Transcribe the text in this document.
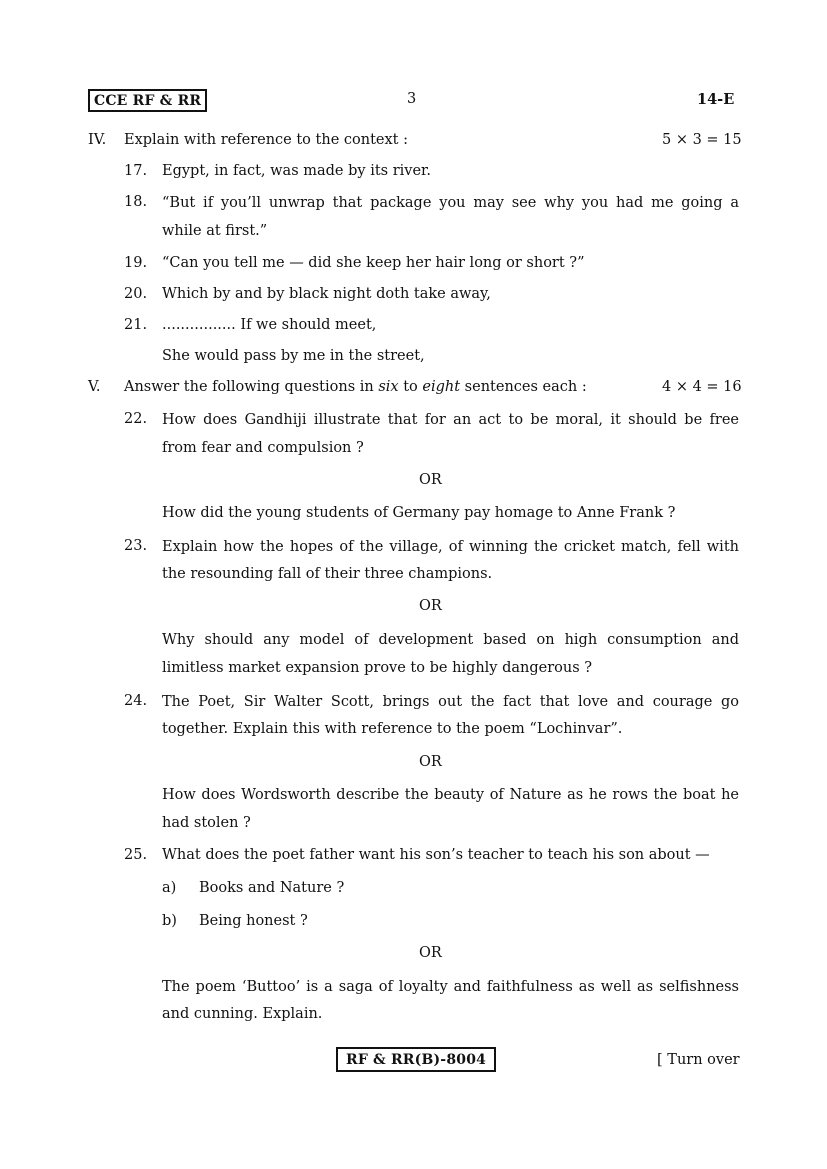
CCE RF & RR	3	14-E
IV. Explain with reference to the context :	5 × 3 = 15
17. Egypt, in fact, was made by its river.
18. “But if you’ll unwrap that package you may see why you had me going a
while at first.”
19. “Can you tell me — did she keep her hair long or short ?”
20. Which by and by black night doth take away,
21. ................ If we should meet,
She would pass by me in the street,
V. Answer the following questions in six to eight sentences each :	4 × 4 = 16
22. How does Gandhiji illustrate that for an act to be moral, it should be free
from fear and compulsion ?
OR
How did the young students of Germany pay homage to Anne Frank ?
23. Explain how the hopes of the village, of winning the cricket match, fell with
the resounding fall of their three champions.
OR
Why should any model of development based on high consumption and
limitless market expansion prove to be highly dangerous ?
24. The Poet, Sir Walter Scott, brings out the fact that love and courage go
together. Explain this with reference to the poem “Lochinvar”.
OR
How does Wordsworth describe the beauty of Nature as he rows the boat he
had stolen ?
25. What does the poet father want his son’s teacher to teach his son about —
a) Books and Nature ?
b) Being honest ?
OR
The poem ‘Buttoo’ is a saga of loyalty and faithfulness as well as selfishness
and cunning. Explain.
RF & RR(B)-8004	[ Turn over
